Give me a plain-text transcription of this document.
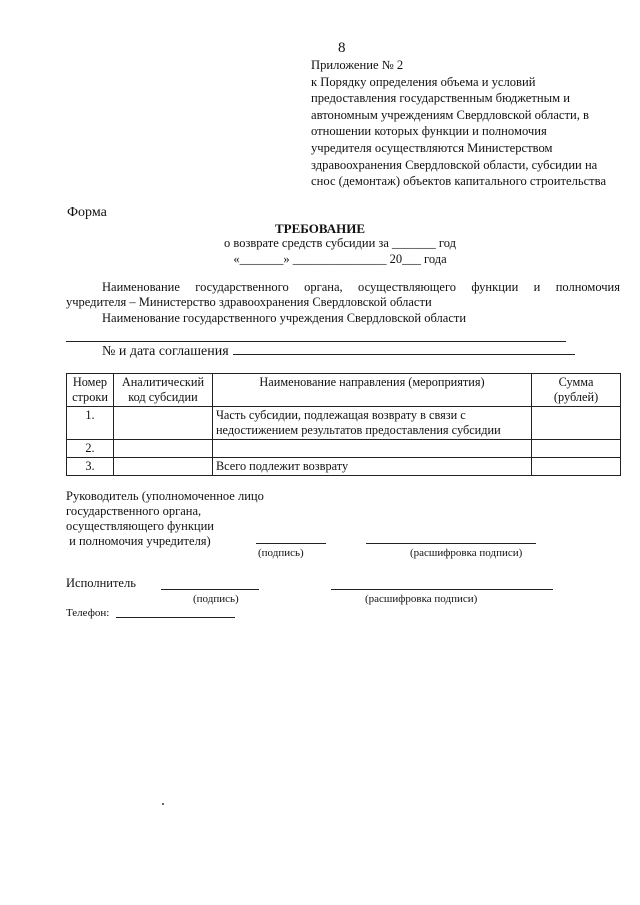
8
Приложение № 2
к Порядку определения объема и условий
предоставления государственным бюджетным и
автономным учреждениям Свердловской области, в
отношении которых функции и полномочия
учредителя осуществляются Министерством
здравоохранения Свердловской области, субсидии на
снос (демонтаж) объектов капитального строительства
Форма
ТРЕБОВАНИЕ
о возврате средств субсидии за _______ год
«_______» _______________ 20___ года
Наименование государственного органа, осуществляющего функции и полномочия
учредителя – Министерство здравоохранения Свердловской области
Наименование государственного учреждения Свердловской области
№ и дата соглашения
Номер строки	Аналитический код субсидии	Наименование направления (мероприятия)	Сумма (рублей)
1.		Часть субсидии, подлежащая возврату в связи с недостижением результатов предоставления субсидии	
2.			
3.		Всего подлежит возврату	
Руководитель (уполномоченное лицо
государственного органа,
осуществляющего функции
и полномочия учредителя)
(подпись)	(расшифровка подписи)
Исполнитель
(подпись)	(расшифровка подписи)
Телефон:
